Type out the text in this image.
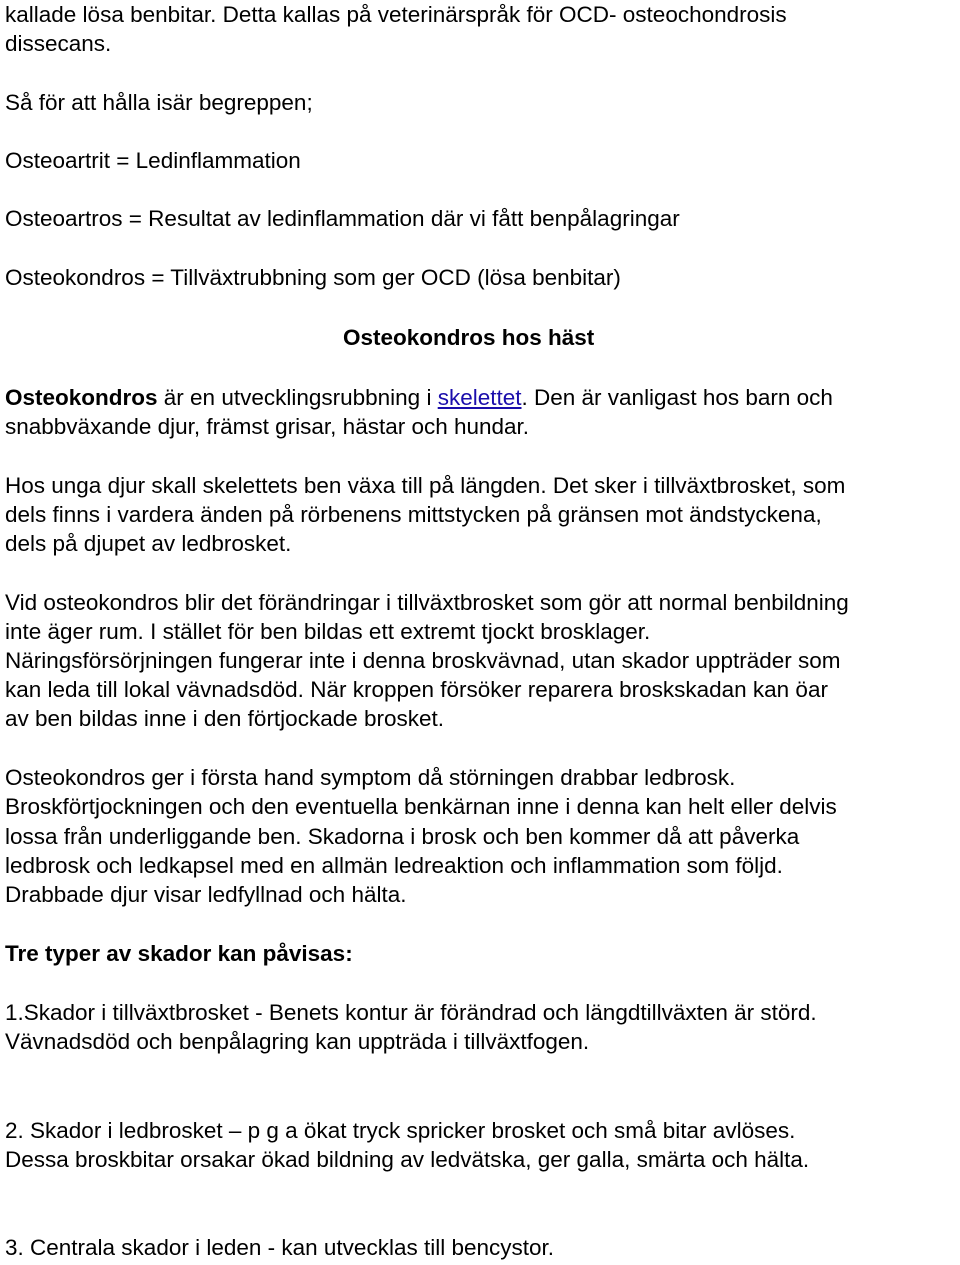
kallade lösa benbitar. Detta kallas på veterinärspråk för OCD- osteochondrosis

dissecans.

Så för att hålla isär begreppen;

Osteoartrit = Ledinflammation

Osteoartros = Resultat av ledinflammation där vi fått benpålagringar

Osteokondros = Tillväxtrubbning som ger OCD (lösa benbitar)

Osteokondros hos häst

Osteokondros är en utvecklingsrubbning i skelettet. Den är vanligast hos barn och

snabbväxande djur, främst grisar, hästar och hundar.

Hos unga djur skall skelettets ben växa till på längden. Det sker i tillväxtbrosket, som

dels finns i vardera änden på rörbenens mittstycken på gränsen mot ändstyckena,

dels på djupet av ledbrosket.

Vid osteokondros blir det förändringar i tillväxtbrosket som gör att normal benbildning

inte äger rum. I stället för ben bildas ett extremt tjockt brosklager.

Näringsförsörjningen fungerar inte i denna broskvävnad, utan skador uppträder som

kan leda till lokal vävnadsdöd. När kroppen försöker reparera broskskadan kan öar

av ben bildas inne i den förtjockade brosket.

Osteokondros ger i första hand symptom då störningen drabbar ledbrosk.

Broskförtjockningen och den eventuella benkärnan inne i denna kan helt eller delvis

lossa från underliggande ben. Skadorna i brosk och ben kommer då att påverka

ledbrosk och ledkapsel med en allmän ledreaktion och inflammation som följd.

Drabbade djur visar ledfyllnad och hälta.

Tre typer av skador kan påvisas:

1.Skador i tillväxtbrosket - Benets kontur är förändrad och längdtillväxten är störd.

Vävnadsdöd och benpålagring kan uppträda i tillväxtfogen.

2. Skador i ledbrosket – p g a ökat tryck spricker brosket och små bitar avlöses.

Dessa broskbitar orsakar ökad bildning av ledvätska, ger galla, smärta och hälta.

3. Centrala skador i leden - kan utvecklas till bencystor.
